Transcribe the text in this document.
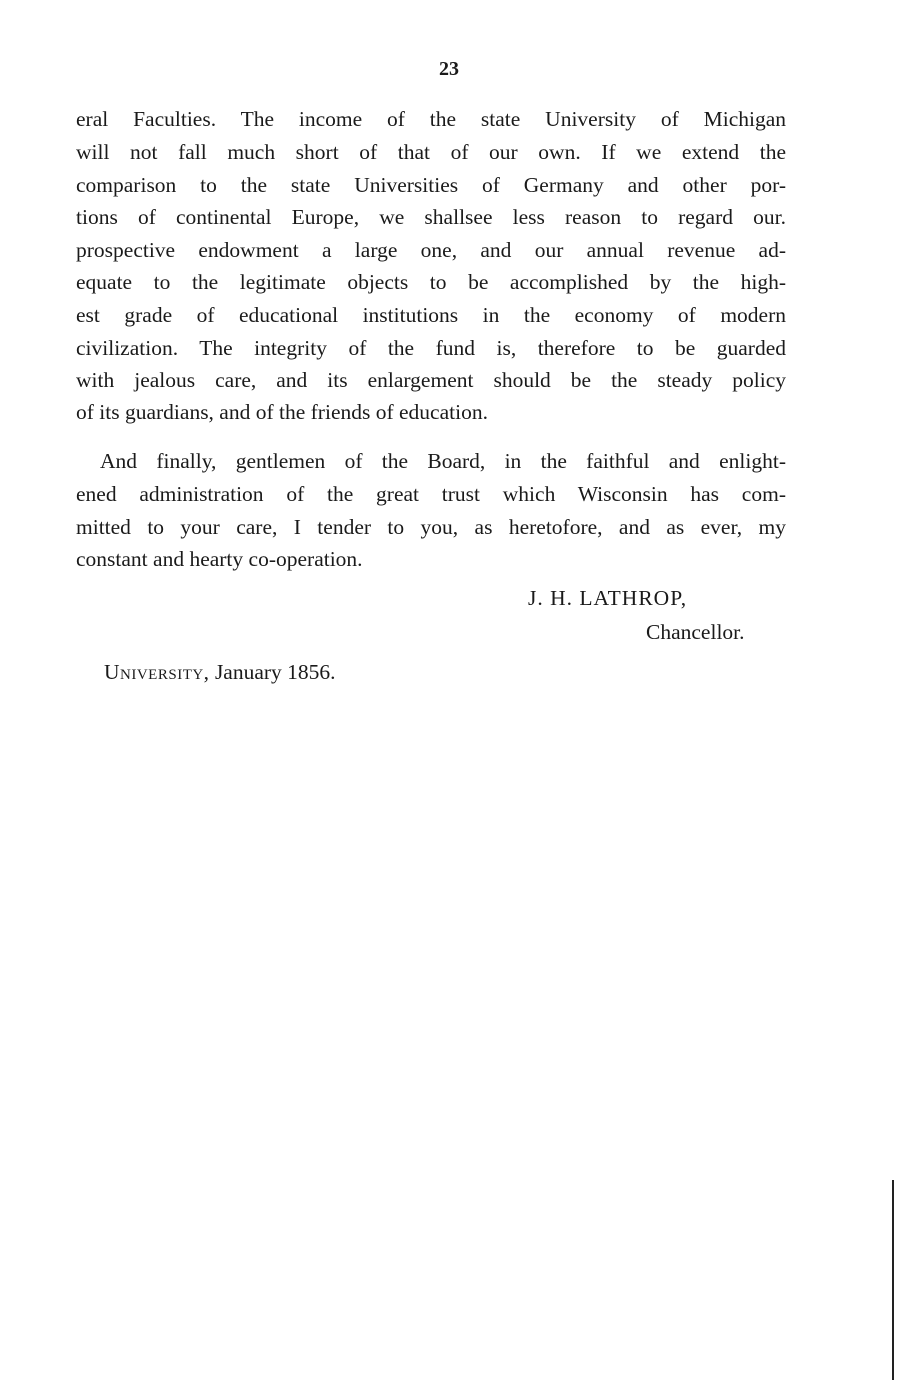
23
eral Faculties. The income of the state University of Michigan
will not fall much short of that of our own. If we extend the
comparison to the state Universities of Germany and other por-
tions of continental Europe, we shallsee less reason to regard our.
prospective endowment a large one, and our annual revenue ad-
equate to the legitimate objects to be accomplished by the high-
est grade of educational institutions in the economy of modern
civilization. The integrity of the fund is, therefore to be guarded
with jealous care, and its enlargement should be the steady policy
of its guardians, and of the friends of education.
And finally, gentlemen of the Board, in the faithful and enlight-
ened administration of the great trust which Wisconsin has com-
mitted to your care, I tender to you, as heretofore, and as ever, my
constant and hearty co-operation.
J. H. LATHROP,
Chancellor.
University, January 1856.
